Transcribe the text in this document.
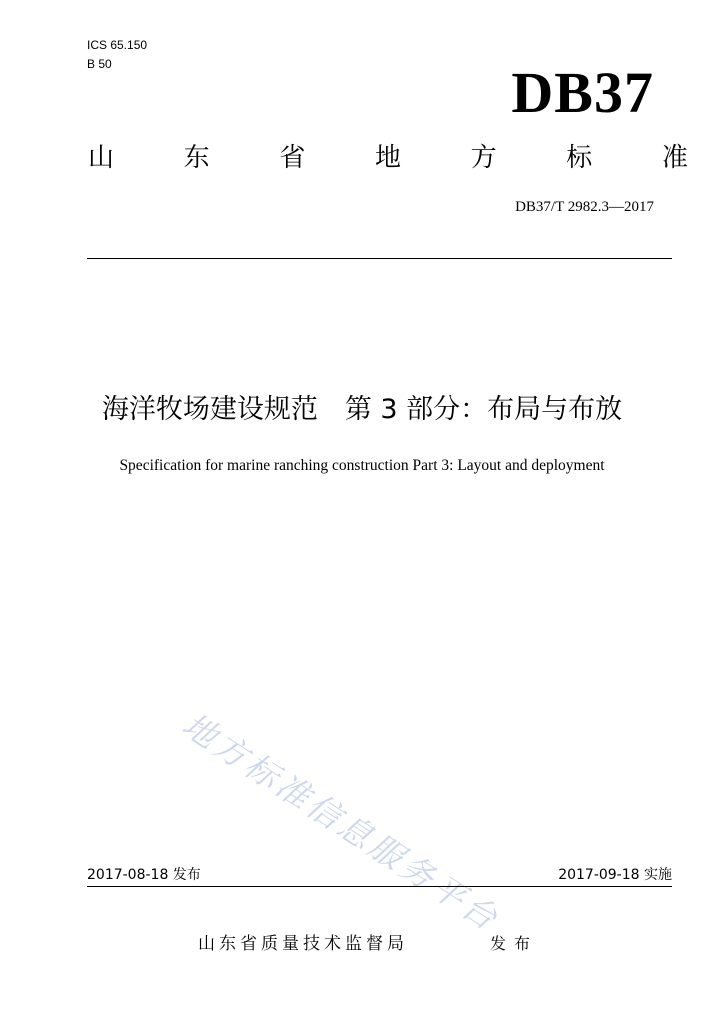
ICS 65.150
B 50	DB37
山	东	省	地	方	标	准
DB37/T 2982.3—2017
海洋牧场建设规范　第 3 部分：布局与布放
Specification for marine ranching construction Part 3: Layout and deployment
地方标准信息服务平台
2017-08-18 发布	2017-09-18 实施
山东省质量技术监督局	发布
